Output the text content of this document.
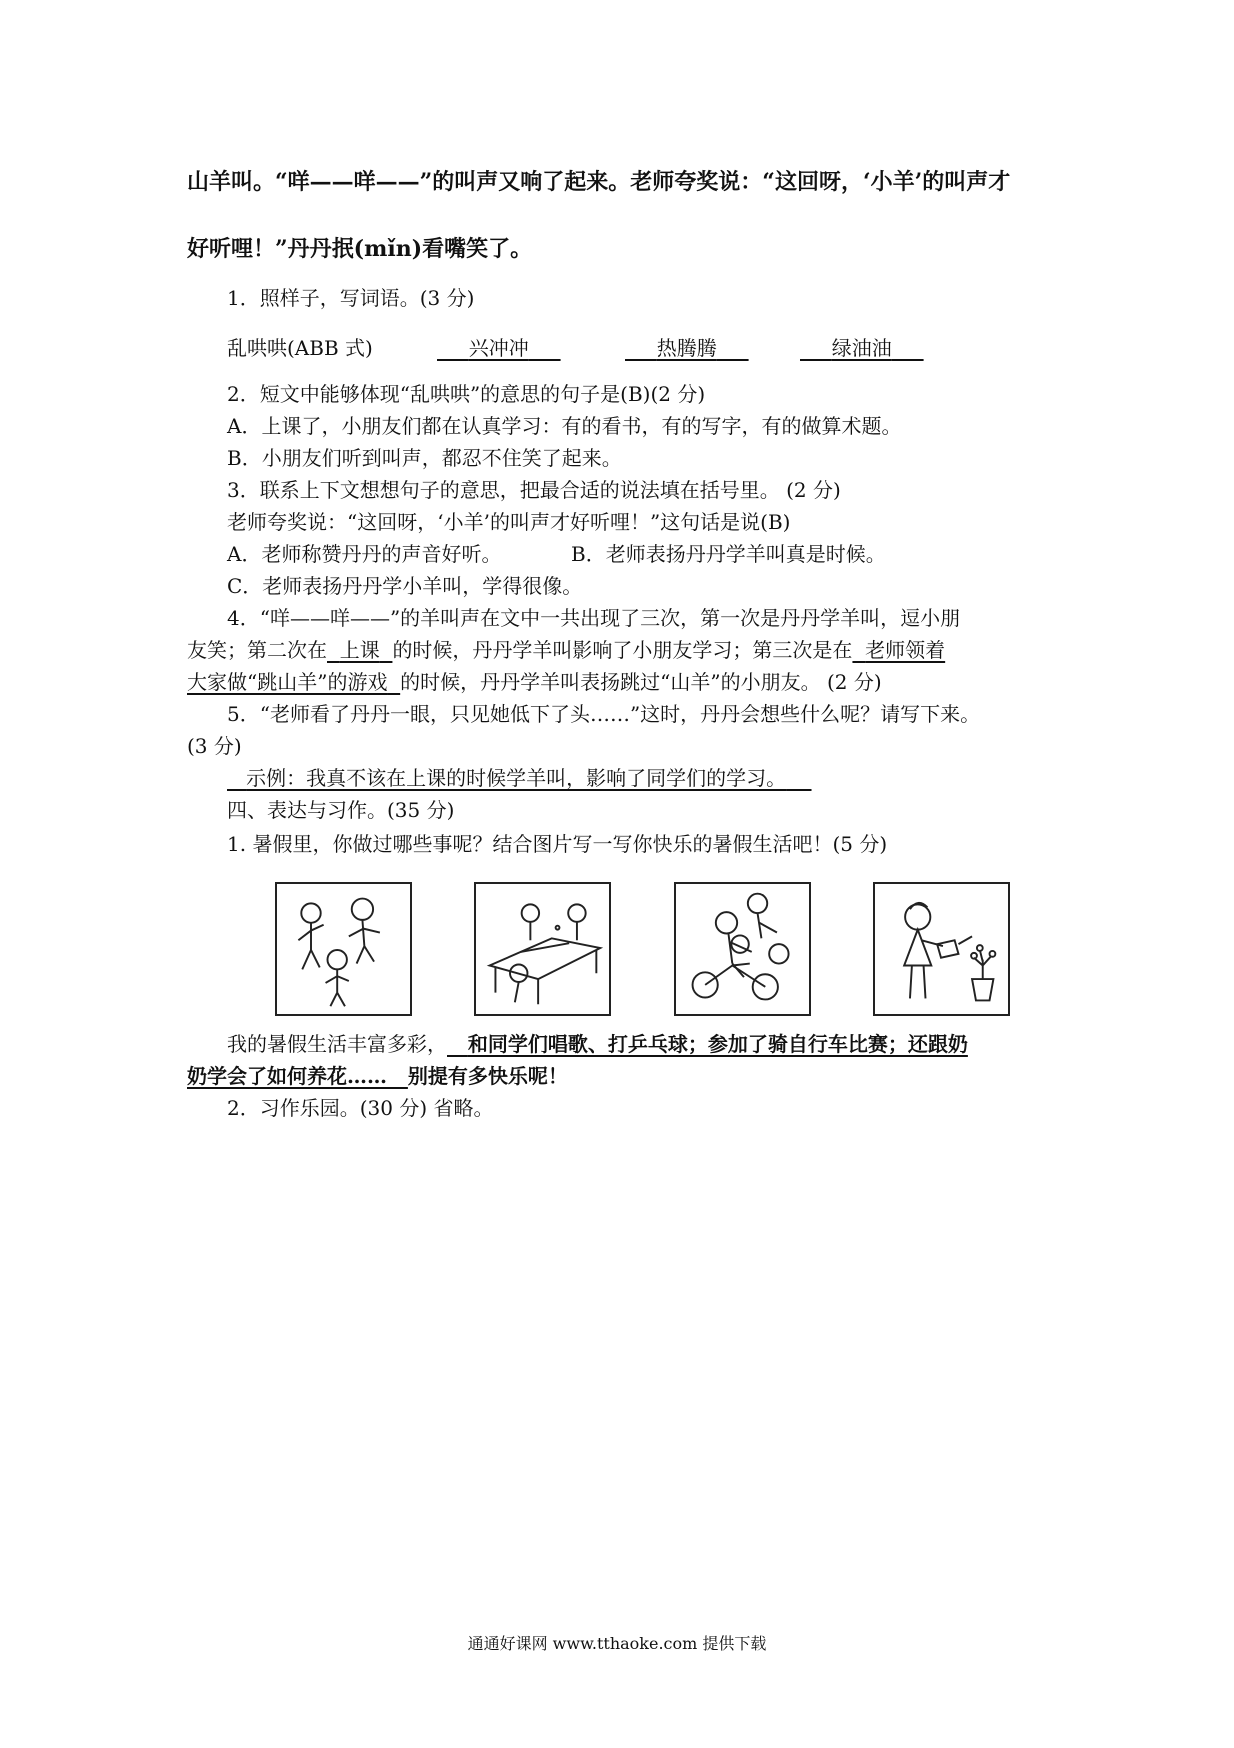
山羊叫。“咩——咩——”的叫声又响了起来。老师夸奖说：“这回呀，‘小羊’的叫声才
好听哩！”丹丹抿(mǐn)看嘴笑了。
1．照样子，写词语。(3 分)
乱哄哄(ABB 式)	兴冲冲	热腾腾	绿油油
2．短文中能够体现“乱哄哄”的意思的句子是(B)(2 分)
A．上课了，小朋友们都在认真学习：有的看书，有的写字，有的做算术题。
B．小朋友们听到叫声，都忍不住笑了起来。
3．联系上下文想想句子的意思，把最合适的说法填在括号里。 (2 分)
老师夸奖说：“这回呀，‘小羊’的叫声才好听哩！”这句话是说(B)
A．老师称赞丹丹的声音好听。	B．老师表扬丹丹学羊叫真是时候。
C．老师表扬丹丹学小羊叫，学得很像。
4．“咩——咩——”的羊叫声在文中一共出现了三次，第一次是丹丹学羊叫，逗小朋
友笑；第二次在 上课 的时候，丹丹学羊叫影响了小朋友学习；第三次是在 老师领着
大家做“跳山羊”的游戏 的时候，丹丹学羊叫表扬跳过“山羊”的小朋友。 (2 分)
5．“老师看了丹丹一眼，只见她低下了头……”这时，丹丹会想些什么呢？请写下来。
(3 分)
示例：我真不该在上课的时候学羊叫，影响了同学们的学习。
四、表达与习作。(35 分)
1. 暑假里，你做过哪些事呢？结合图片写一写你快乐的暑假生活吧！(5 分)
我的暑假生活丰富多彩， 和同学们唱歌、打乒乓球；参加了骑自行车比赛；还跟奶
奶学会了如何养花…… 别提有多快乐呢！
2．习作乐园。(30 分) 省略。
通通好课网 www.tthaoke.com 提供下载
